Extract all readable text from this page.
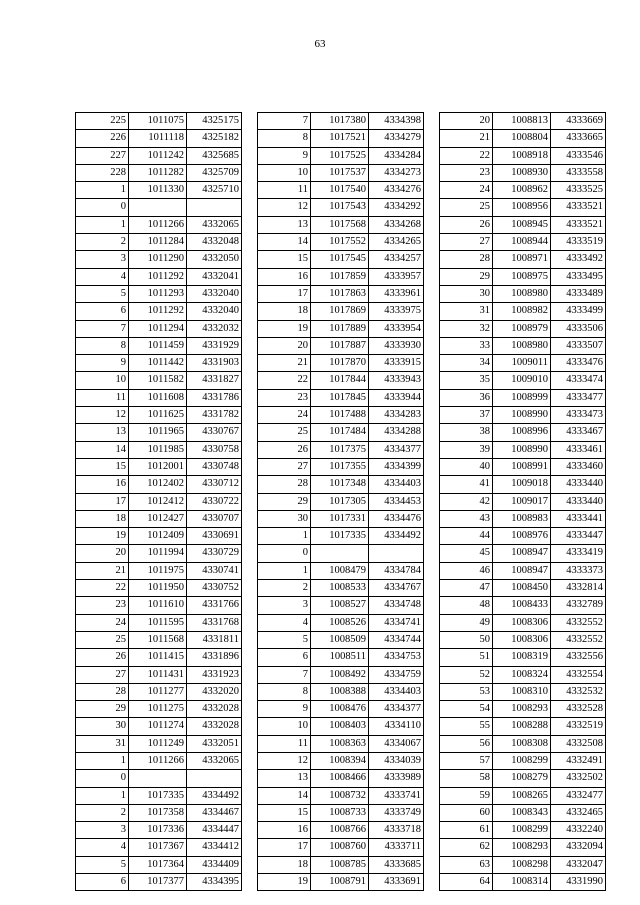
63
225	1011075	4325175
226	1011118	4325182
227	1011242	4325685
228	1011282	4325709
1	1011330	4325710
0		
1	1011266	4332065
2	1011284	4332048
3	1011290	4332050
4	1011292	4332041
5	1011293	4332040
6	1011292	4332040
7	1011294	4332032
8	1011459	4331929
9	1011442	4331903
10	1011582	4331827
11	1011608	4331786
12	1011625	4331782
13	1011965	4330767
14	1011985	4330758
15	1012001	4330748
16	1012402	4330712
17	1012412	4330722
18	1012427	4330707
19	1012409	4330691
20	1011994	4330729
21	1011975	4330741
22	1011950	4330752
23	1011610	4331766
24	1011595	4331768
25	1011568	4331811
26	1011415	4331896
27	1011431	4331923
28	1011277	4332020
29	1011275	4332028
30	1011274	4332028
31	1011249	4332051
1	1011266	4332065
0		
1	1017335	4334492
2	1017358	4334467
3	1017336	4334447
4	1017367	4334412
5	1017364	4334409
6	1017377	4334395
7	1017380	4334398
8	1017521	4334279
9	1017525	4334284
10	1017537	4334273
11	1017540	4334276
12	1017543	4334292
13	1017568	4334268
14	1017552	4334265
15	1017545	4334257
16	1017859	4333957
17	1017863	4333961
18	1017869	4333975
19	1017889	4333954
20	1017887	4333930
21	1017870	4333915
22	1017844	4333943
23	1017845	4333944
24	1017488	4334283
25	1017484	4334288
26	1017375	4334377
27	1017355	4334399
28	1017348	4334403
29	1017305	4334453
30	1017331	4334476
1	1017335	4334492
0		
1	1008479	4334784
2	1008533	4334767
3	1008527	4334748
4	1008526	4334741
5	1008509	4334744
6	1008511	4334753
7	1008492	4334759
8	1008388	4334403
9	1008476	4334377
10	1008403	4334110
11	1008363	4334067
12	1008394	4334039
13	1008466	4333989
14	1008732	4333741
15	1008733	4333749
16	1008766	4333718
17	1008760	4333711
18	1008785	4333685
19	1008791	4333691
20	1008813	4333669
21	1008804	4333665
22	1008918	4333546
23	1008930	4333558
24	1008962	4333525
25	1008956	4333521
26	1008945	4333521
27	1008944	4333519
28	1008971	4333492
29	1008975	4333495
30	1008980	4333489
31	1008982	4333499
32	1008979	4333506
33	1008980	4333507
34	1009011	4333476
35	1009010	4333474
36	1008999	4333477
37	1008990	4333473
38	1008996	4333467
39	1008990	4333461
40	1008991	4333460
41	1009018	4333440
42	1009017	4333440
43	1008983	4333441
44	1008976	4333447
45	1008947	4333419
46	1008947	4333373
47	1008450	4332814
48	1008433	4332789
49	1008306	4332552
50	1008306	4332552
51	1008319	4332556
52	1008324	4332554
53	1008310	4332532
54	1008293	4332528
55	1008288	4332519
56	1008308	4332508
57	1008299	4332491
58	1008279	4332502
59	1008265	4332477
60	1008343	4332465
61	1008299	4332240
62	1008293	4332094
63	1008298	4332047
64	1008314	4331990
